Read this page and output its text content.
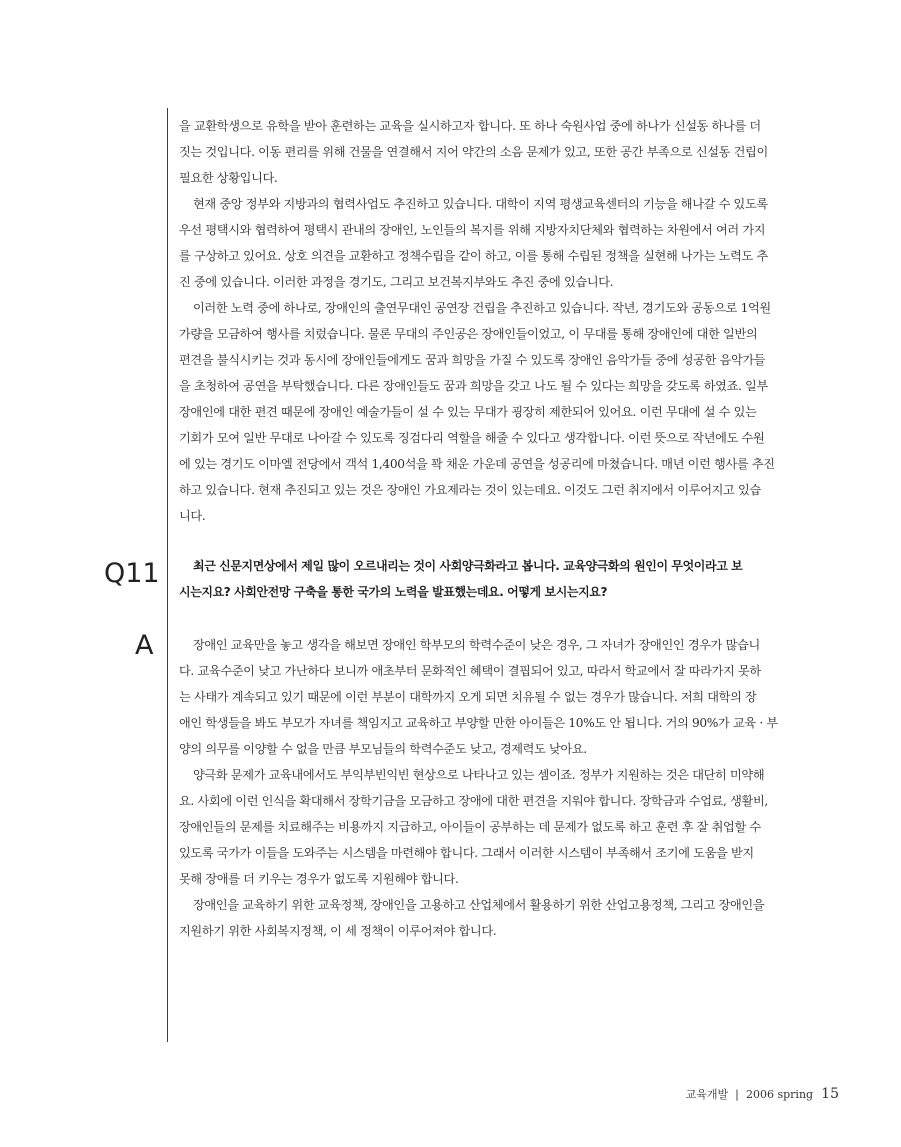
Q11
A
을 교환학생으로 유학을 받아 훈련하는 교육을 실시하고자 합니다. 또 하나 숙원사업 중에 하나가 신설동 하나를 더
짓는 것입니다. 이동 편리를 위해 건물을 연결해서 지어 약간의 소음 문제가 있고, 또한 공간 부족으로 신설동 건립이
필요한 상황입니다.
현재 중앙 정부와 지방과의 협력사업도 추진하고 있습니다. 대학이 지역 평생교육센터의 기능을 해나갈 수 있도록
우선 평택시와 협력하여 평택시 관내의 장애인, 노인들의 복지를 위해 지방자치단체와 협력하는 차원에서 여러 가지
를 구상하고 있어요. 상호 의견을 교환하고 정책수립을 같이 하고, 이를 통해 수립된 정책을 실현해 나가는 노력도 추
진 중에 있습니다. 이러한 과정을 경기도, 그리고 보건복지부와도 추진 중에 있습니다.
이러한 노력 중에 하나로, 장애인의 출연무대인 공연장 건립을 추진하고 있습니다. 작년, 경기도와 공동으로 1억원
가량을 모금하여 행사를 치렀습니다. 물론 무대의 주인공은 장애인들이었고, 이 무대를 통해 장애인에 대한 일반의
편견을 불식시키는 것과 동시에 장애인들에게도 꿈과 희망을 가질 수 있도록 장애인 음악가들 중에 성공한 음악가들
을 초청하여 공연을 부탁했습니다. 다른 장애인들도 꿈과 희망을 갖고 나도 될 수 있다는 희망을 갖도록 하였죠. 일부
장애인에 대한 편견 때문에 장애인 예술가들이 설 수 있는 무대가 굉장히 제한되어 있어요. 이런 무대에 설 수 있는
기회가 모여 일반 무대로 나아갈 수 있도록 징검다리 역할을 해줄 수 있다고 생각합니다. 이런 뜻으로 작년에도 수원
에 있는 경기도 이마엘 전당에서 객석 1,400석을 꽉 채운 가운데 공연을 성공리에 마쳤습니다. 매년 이런 행사를 추진
하고 있습니다. 현재 추진되고 있는 것은 장애인 가요제라는 것이 있는데요. 이것도 그런 취지에서 이루어지고 있습
니다.
최근 신문지면상에서 제일 많이 오르내리는 것이 사회양극화라고 봅니다. 교육양극화의 원인이 무엇이라고 보
시는지요? 사회안전망 구축을 통한 국가의 노력을 발표했는데요. 어떻게 보시는지요?
장애인 교육만을 놓고 생각을 해보면 장애인 학부모의 학력수준이 낮은 경우, 그 자녀가 장애인인 경우가 많습니
다. 교육수준이 낮고 가난하다 보니까 애초부터 문화적인 혜택이 결핍되어 있고, 따라서 학교에서 잘 따라가지 못하
는 사태가 계속되고 있기 때문에 이런 부분이 대학까지 오게 되면 치유될 수 없는 경우가 많습니다. 저희 대학의 장
애인 학생들을 봐도 부모가 자녀를 책임지고 교육하고 부양할 만한 아이들은 10%도 안 됩니다. 거의 90%가 교육 · 부
양의 의무를 이양할 수 없을 만큼 부모님들의 학력수준도 낮고, 경제력도 낮아요.
양극화 문제가 교육내에서도 부익부빈익빈 현상으로 나타나고 있는 셈이죠. 정부가 지원하는 것은 대단히 미약해
요. 사회에 이런 인식을 확대해서 장학기금을 모금하고 장애에 대한 편견을 지워야 합니다. 장학금과 수업료, 생활비,
장애인들의 문제를 치료해주는 비용까지 지급하고, 아이들이 공부하는 데 문제가 없도록 하고 훈련 후 잘 취업할 수
있도록 국가가 이들을 도와주는 시스템을 마련해야 합니다. 그래서 이러한 시스템이 부족해서 조기에 도움을 받지
못해 장애를 더 키우는 경우가 없도록 지원해야 합니다.
장애인을 교육하기 위한 교육정책, 장애인을 고용하고 산업체에서 활용하기 위한 산업고용정책, 그리고 장애인을
지원하기 위한 사회복지정책, 이 세 정책이 이루어져야 합니다.
교육개발 | 2006 spring 15
